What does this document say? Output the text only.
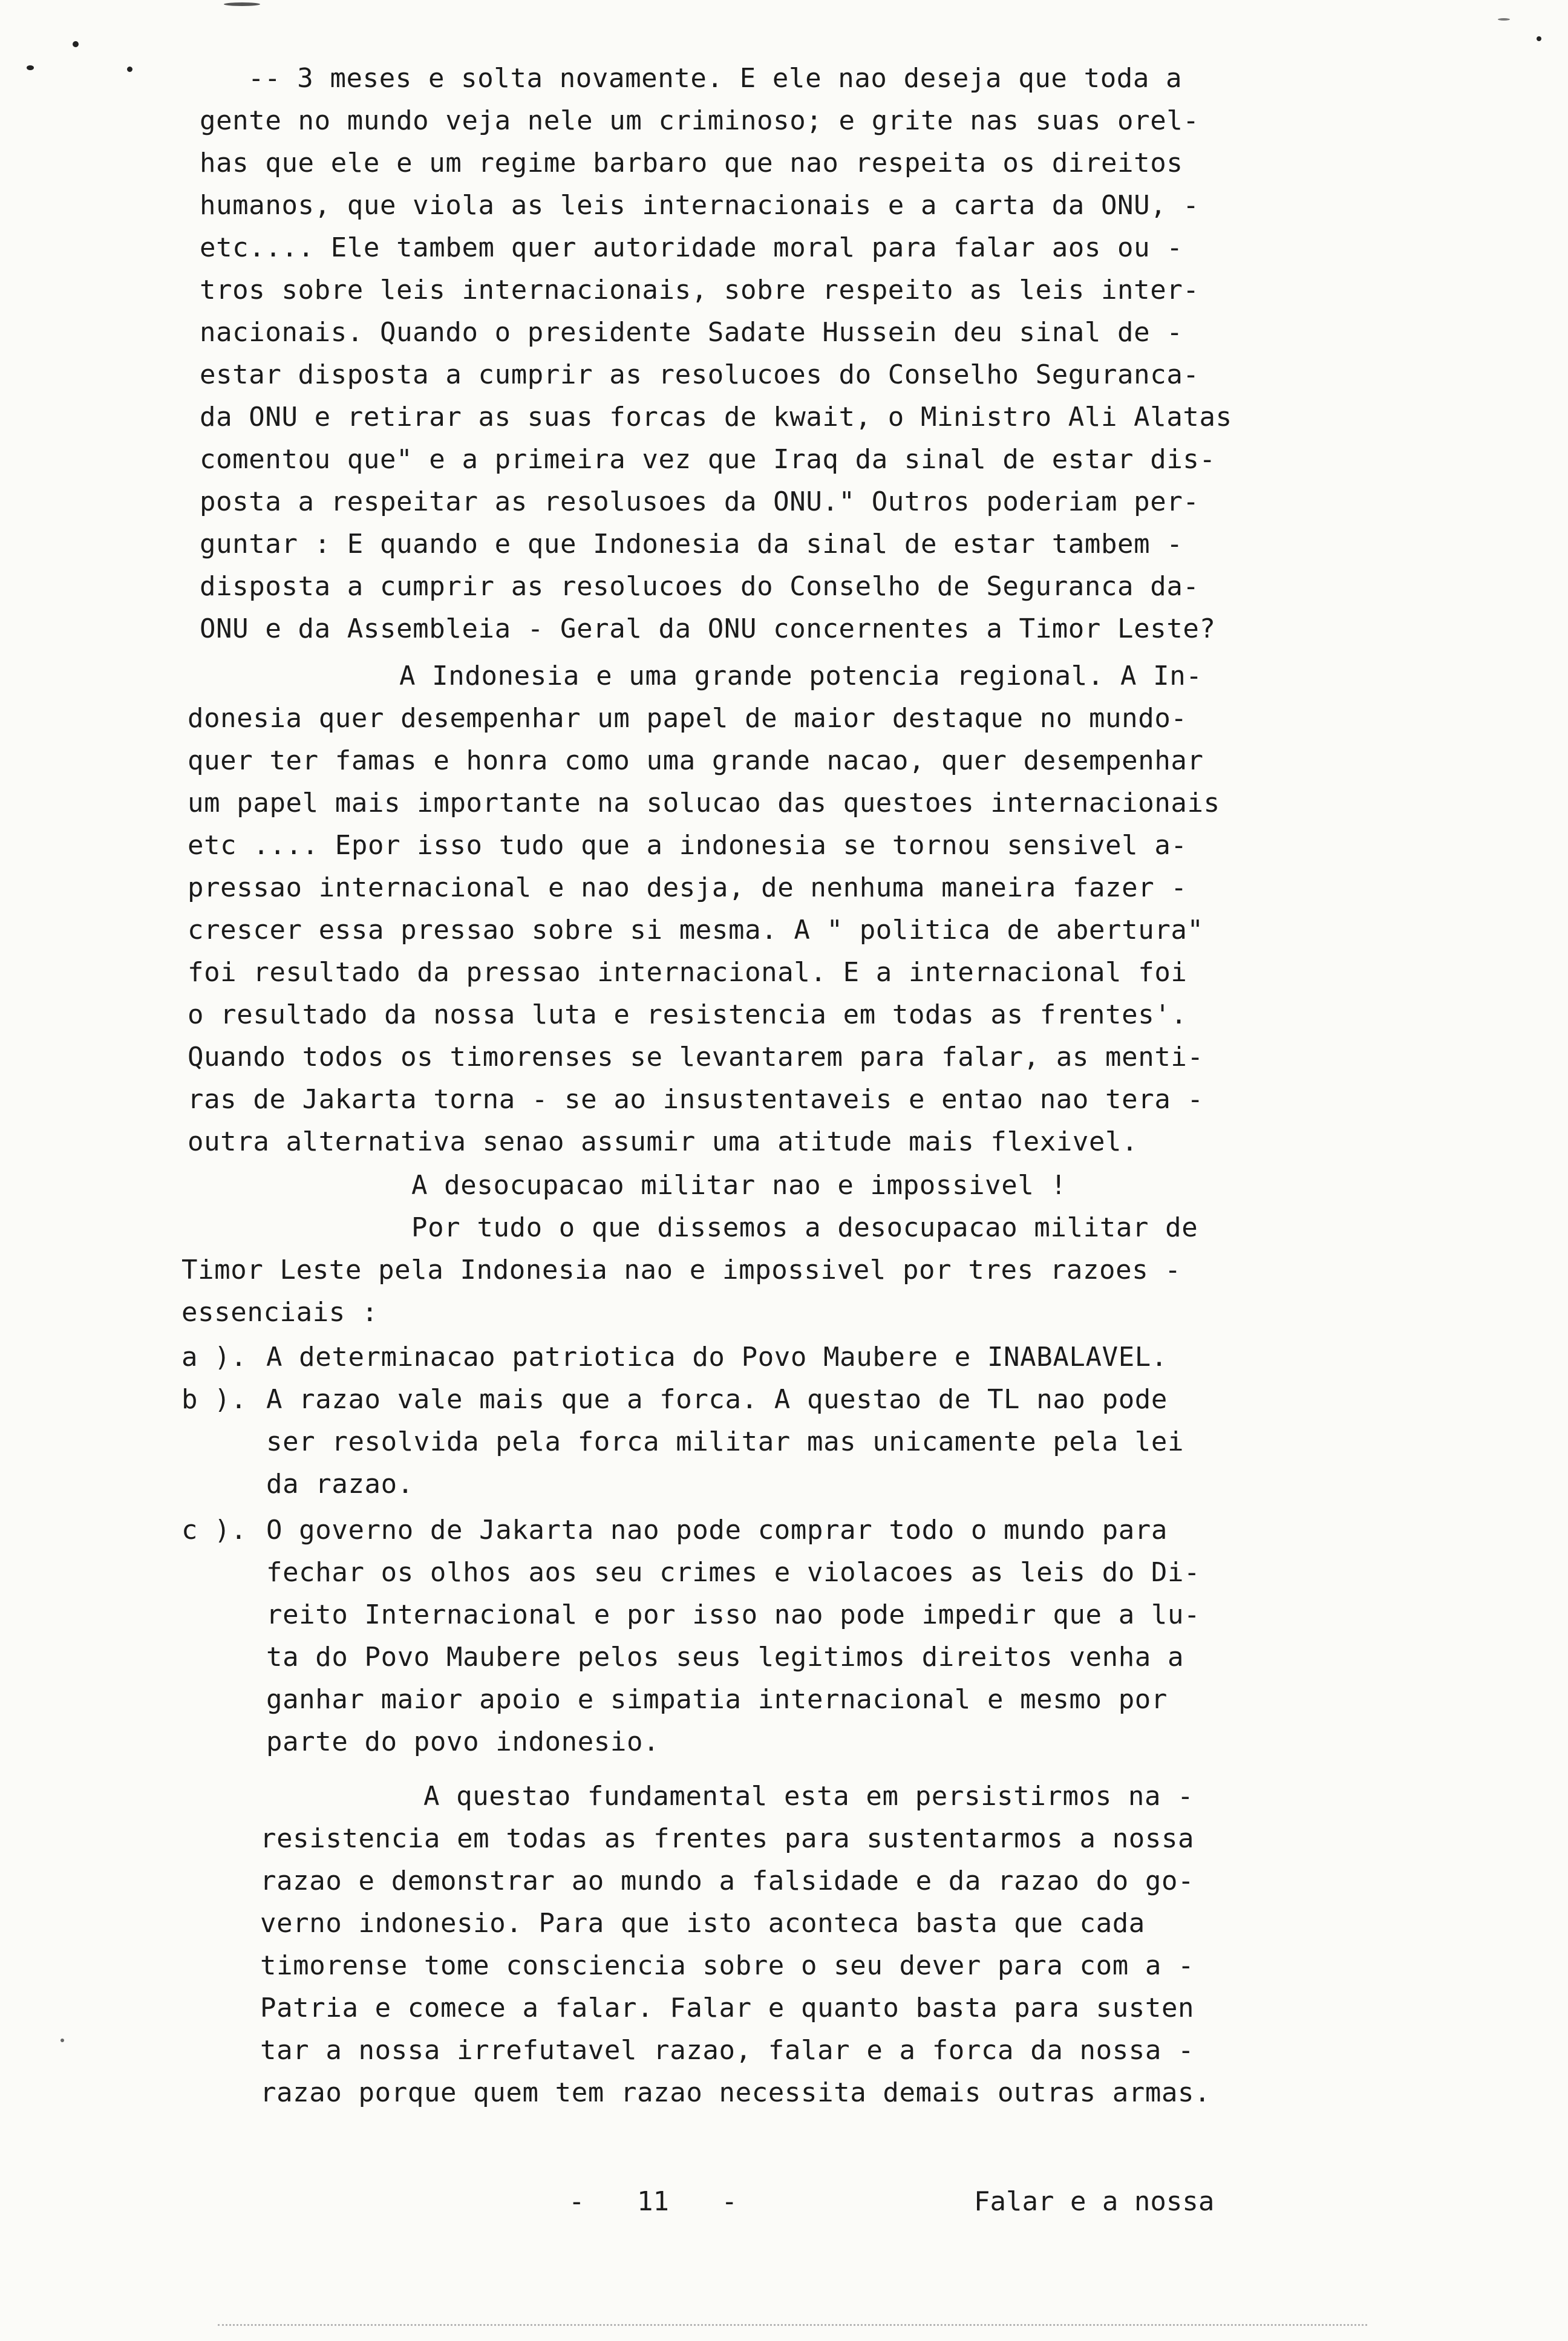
-- 3 meses e solta novamente. E ele nao deseja que toda a
gente no mundo veja nele um criminoso; e grite nas suas orel-
has que ele e um regime barbaro que nao respeita os direitos
humanos, que viola as leis internacionais e a carta da ONU, -
etc.... Ele tambem quer autoridade moral para falar aos ou -
tros sobre leis internacionais, sobre respeito as leis inter-
nacionais. Quando o presidente Sadate Hussein deu sinal de -
estar disposta a cumprir as resolucoes do Conselho Seguranca-
da ONU e retirar as suas forcas de kwait, o Ministro Ali Alatas
comentou que" e a primeira vez que Iraq da sinal de estar dis-
posta a respeitar as resolusoes da ONU." Outros poderiam per-
guntar : E quando e que Indonesia da sinal de estar tambem -
disposta a cumprir as resolucoes do Conselho de Seguranca da-
ONU e da Assembleia - Geral da ONU concernentes a Timor Leste?
A Indonesia e uma grande potencia regional. A In-
donesia quer desempenhar um papel de maior destaque no mundo-
quer ter famas e honra como uma grande nacao, quer desempenhar
um papel mais importante na solucao das questoes internacionais
etc .... Epor isso tudo que a indonesia se tornou sensivel a-
pressao internacional e nao desja, de nenhuma maneira fazer -
crescer essa pressao sobre si mesma. A " politica de abertura"
foi resultado da pressao internacional. E a internacional foi
o resultado da nossa luta e resistencia em todas as frentes'.
Quando todos os timorenses se levantarem para falar, as menti-
ras de Jakarta torna - se ao insustentaveis e entao nao tera -
outra alternativa senao assumir uma atitude mais flexivel.
A desocupacao militar nao e impossivel !
Por tudo o que dissemos a desocupacao militar de
Timor Leste pela Indonesia nao e impossivel por tres razoes -
essenciais :
a ). A determinacao patriotica do Povo Maubere e INABALAVEL.
b ). A razao vale mais que a forca. A questao de TL nao pode
ser resolvida pela forca militar mas unicamente pela lei
da razao.
c ). O governo de Jakarta nao pode comprar todo o mundo para
fechar os olhos aos seu crimes e violacoes as leis do Di-
reito Internacional e por isso nao pode impedir que a lu-
ta do Povo Maubere pelos seus legitimos direitos venha a
ganhar maior apoio e simpatia internacional e mesmo por
parte do povo indonesio.
A questao fundamental esta em persistirmos na -
resistencia em todas as frentes para sustentarmos a nossa
razao e demonstrar ao mundo a falsidade e da razao do go-
verno indonesio. Para que isto aconteca basta que cada
timorense tome consciencia sobre o seu dever para com a -
Patria e comece a falar. Falar e quanto basta para susten
tar a nossa irrefutavel razao, falar e a forca da nossa -
razao porque quem tem razao necessita demais outras armas.
- 11 -	Falar e a nossa
